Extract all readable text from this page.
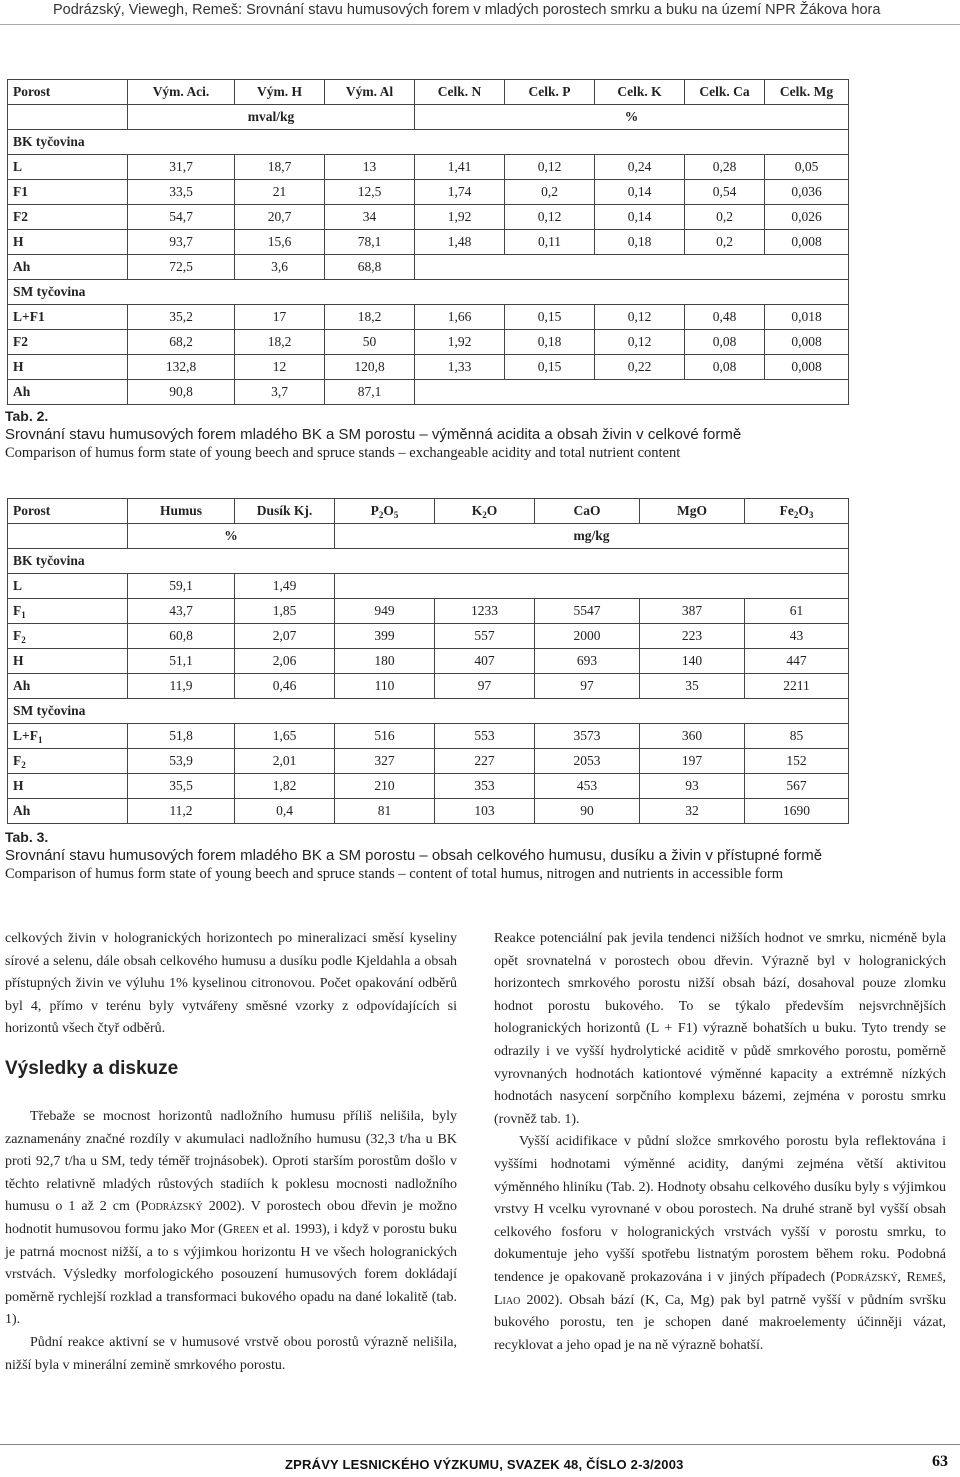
Podrázský, Viewegh, Remeš: Srovnání stavu humusových forem v mladých porostech smrku a buku na území NPR Žákova hora
Porost	Vým. Aci.	Vým. H	Vým. Al	Celk. N	Celk. P	Celk. K	Celk. Ca	Celk. Mg
	mval/kg			%				
BK tyčovina								
L	31,7	18,7	13	1,41	0,12	0,24	0,28	0,05
F1	33,5	21	12,5	1,74	0,2	0,14	0,54	0,036
F2	54,7	20,7	34	1,92	0,12	0,14	0,2	0,026
H	93,7	15,6	78,1	1,48	0,11	0,18	0,2	0,008
Ah	72,5	3,6	68,8					
SM tyčovina								
L+F1	35,2	17	18,2	1,66	0,15	0,12	0,48	0,018
F2	68,2	18,2	50	1,92	0,18	0,12	0,08	0,008
H	132,8	12	120,8	1,33	0,15	0,22	0,08	0,008
Ah	90,8	3,7	87,1					
Tab. 2.
Srovnání stavu humusových forem mladého BK a SM porostu – výměnná acidita a obsah živin v celkové formě
Comparison of humus form state of young beech and spruce stands – exchangeable acidity and total nutrient content
Porost	Humus	Dusík Kj.	$P_2O_5$	$K_2O$	CaO	MgO	$Fe_2O_3$
	%		mg/kg				
BK tyčovina							
L	59,1	1,49					
$F_1$	43,7	1,85	949	1233	5547	387	61
$F_2$	60,8	2,07	399	557	2000	223	43
H	51,1	2,06	180	407	693	140	447
Ah	11,9	0,46	110	97	97	35	2211
SM tyčovina							
$L+F_1$	51,8	1,65	516	553	3573	360	85
$F_2$	53,9	2,01	327	227	2053	197	152
H	35,5	1,82	210	353	453	93	567
Ah	11,2	0,4	81	103	90	32	1690
Tab. 3.
Srovnání stavu humusových forem mladého BK a SM porostu – obsah celkového humusu, dusíku a živin v přístupné formě
Comparison of humus form state of young beech and spruce stands – content of total humus, nitrogen and nutrients in accessible form

celkových živin v hologranických horizontech po mineralizaci směsí kyseliny sírové a selenu, dále obsah celkového humusu a dusíku podle Kjeldahla a obsah přístupných živin ve výluhu 1% kyselinou citronovou. Počet opakování odběrů byl 4, přímo v terénu byly vytvářeny směsné vzorky z odpovídajících si horizontů všech čtyř odběrů.

Výsledky a diskuze

Třebaže se mocnost horizontů nadložního humusu příliš nelišila, byly zaznamenány značné rozdíly v akumulaci nadložního humusu (32,3 t/ha u BK proti 92,7 t/ha u SM, tedy téměř trojnásobek). Oproti starším porostům došlo v těchto relativně mladých růstových stadiích k poklesu mocnosti nadložního humusu o 1 až 2 cm (Podrázský 2002). V porostech obou dřevin je možno hodnotit humusovou formu jako Mor (Green et al. 1993), i když v porostu buku je patrná mocnost nižší, a to s výjimkou horizontu H ve všech hologranických vrstvách. Výsledky morfologického posouzení humusových forem dokládají poměrně rychlejší rozklad a transformaci bukového opadu na dané lokalitě (tab. 1).

Půdní reakce aktivní se v humusové vrstvě obou porostů výrazně nelišila, nižší byla v minerální zemině smrkového porostu.

Reakce potenciální pak jevila tendenci nižších hodnot ve smrku, nicméně byla opět srovnatelná v porostech obou dřevin. Výrazně byl v hologranických horizontech smrkového porostu nižší obsah bází, dosahoval pouze zlomku hodnot porostu bukového. To se týkalo především nejsvrchnějších hologranických horizontů (L + F1) výrazně bohatších u buku. Tyto trendy se odrazily i ve vyšší hydrolytické aciditě v půdě smrkového porostu, poměrně vyrovnaných hodnotách kationtové výměnné kapacity a extrémně nízkých hodnotách nasycení sorpčního komplexu bázemi, zejména v porostu smrku (rovněž tab. 1).

Vyšší acidifikace v půdní složce smrkového porostu byla reflektována i vyššími hodnotami výměnné acidity, danými zejména větší aktivitou výměnného hliníku (Tab. 2). Hodnoty obsahu celkového dusíku byly s výjimkou vrstvy H vcelku vyrovnané v obou porostech. Na druhé straně byl vyšší obsah celkového fosforu v hologranických vrstvách vyšší v porostu smrku, to dokumentuje jeho vyšší spotřebu listnatým porostem během roku. Podobná tendence je opakovaně prokazována i v jiných případech (Podrázský, Remeš, Liao 2002). Obsah bází (K, Ca, Mg) pak byl patrně vyšší v půdním svršku bukového porostu, ten je schopen dané makroelementy účinněji vázat, recyklovat a jeho opad je na ně výrazně bohatší.

ZPRÁVY LESNICKÉHO VÝZKUMU, SVAZEK 48, ČÍSLO 2-3/2003	63
